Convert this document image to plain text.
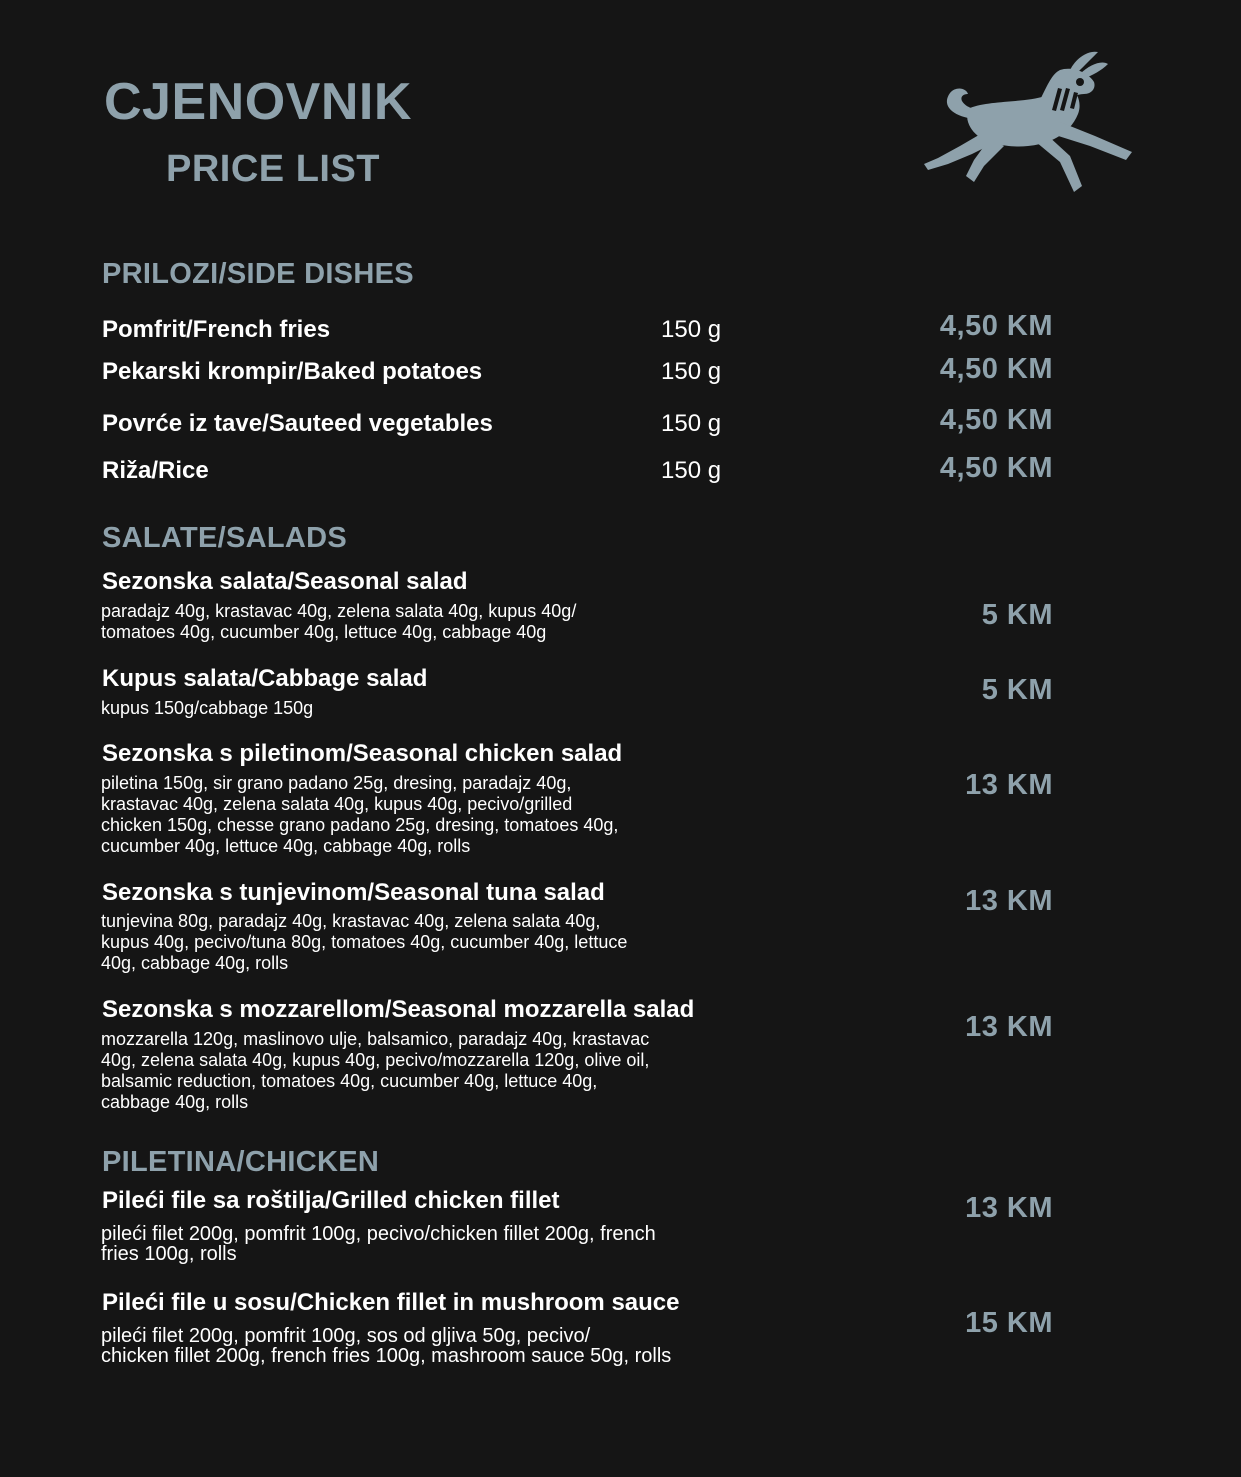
CJENOVNIK
PRICE LIST
PRILOZI/SIDE DISHES
Pomfrit/French fries	150 g	4,50 KM
Pekarski krompir/Baked potatoes	150 g	4,50 KM
Povrće iz tave/Sauteed vegetables	150 g	4,50 KM
Riža/Rice	150 g	4,50 KM
SALATE/SALADS
Sezonska salata/Seasonal salad
paradajz 40g, krastavac 40g, zelena salata 40g, kupus 40g/
tomatoes 40g, cucumber 40g, lettuce 40g, cabbage 40g
5 KM
Kupus salata/Cabbage salad
kupus 150g/cabbage 150g
5 KM
Sezonska s piletinom/Seasonal chicken salad
piletina 150g, sir grano padano 25g, dresing, paradajz 40g,
krastavac 40g, zelena salata 40g, kupus 40g, pecivo/grilled
chicken 150g, chesse grano padano 25g, dresing, tomatoes 40g,
cucumber 40g, lettuce 40g, cabbage 40g, rolls
13 KM
Sezonska s tunjevinom/Seasonal tuna salad
tunjevina 80g, paradajz 40g, krastavac 40g, zelena salata 40g,
kupus 40g, pecivo/tuna 80g, tomatoes 40g, cucumber 40g, lettuce
40g, cabbage 40g, rolls
13 KM
Sezonska s mozzarellom/Seasonal mozzarella salad
mozzarella 120g, maslinovo ulje, balsamico, paradajz 40g, krastavac
40g, zelena salata 40g, kupus 40g, pecivo/mozzarella 120g, olive oil,
balsamic reduction, tomatoes 40g, cucumber 40g, lettuce 40g,
cabbage 40g, rolls
13 KM
PILETINA/CHICKEN
Pileći file sa roštilja/Grilled chicken fillet
pileći filet 200g, pomfrit 100g, pecivo/chicken fillet 200g, french
fries 100g, rolls
13 KM
Pileći file u sosu/Chicken fillet in mushroom sauce
pileći filet 200g, pomfrit 100g, sos od gljiva 50g, pecivo/
chicken fillet 200g, french fries 100g, mashroom sauce 50g, rolls
15 KM
